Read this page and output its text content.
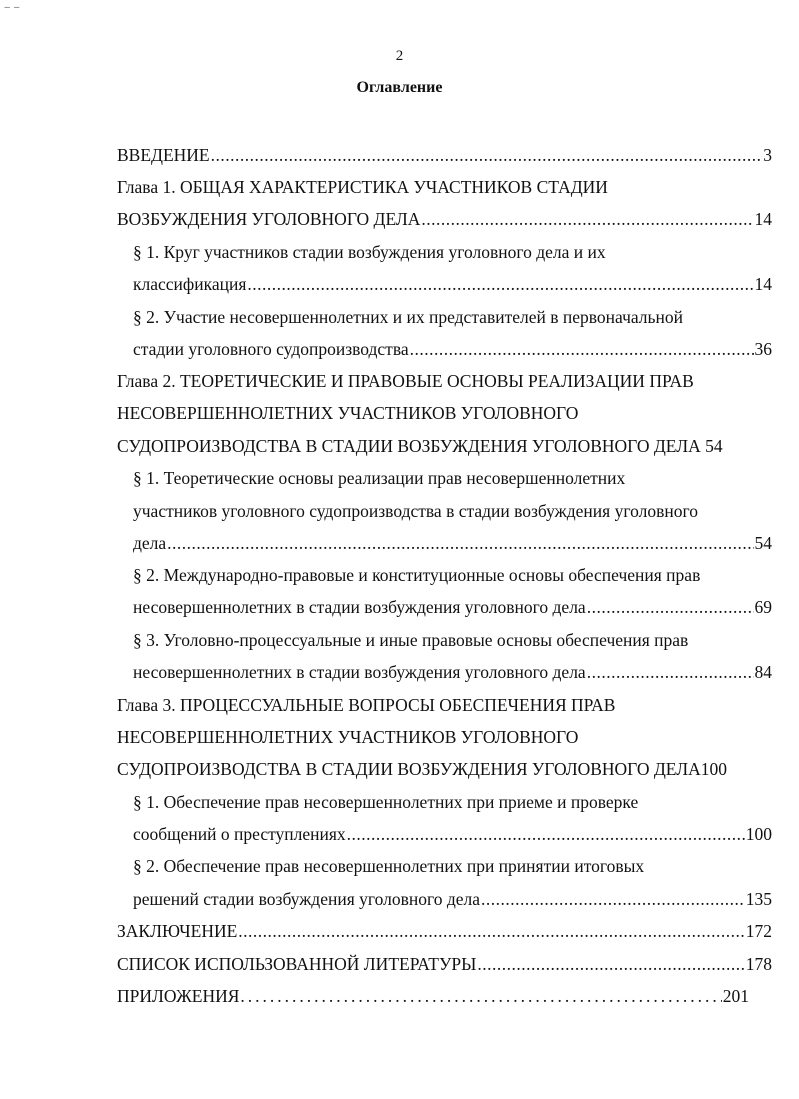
‒ ‒
2
Оглавление
ВВЕДЕНИЕ .....	3
Глава 1. ОБЩАЯ ХАРАКТЕРИСТИКА УЧАСТНИКОВ СТАДИИ
ВОЗБУЖДЕНИЯ УГОЛОВНОГО ДЕЛА .....	14
§ 1. Круг участников стадии возбуждения уголовного дела и их
классификация .....	14
§ 2. Участие несовершеннолетних и их представителей в первоначальной
стадии уголовного судопроизводства .....	36
Глава 2. ТЕОРЕТИЧЕСКИЕ И ПРАВОВЫЕ ОСНОВЫ РЕАЛИЗАЦИИ ПРАВ
НЕСОВЕРШЕННОЛЕТНИХ УЧАСТНИКОВ УГОЛОВНОГО
СУДОПРОИЗВОДСТВА В СТАДИИ ВОЗБУЖДЕНИЯ УГОЛОВНОГО ДЕЛА 54
§ 1. Теоретические основы реализации прав несовершеннолетних
участников уголовного судопроизводства в стадии возбуждения уголовного
дела .....	54
§ 2. Международно-правовые и конституционные основы обеспечения прав
несовершеннолетних в стадии возбуждения уголовного дела .....	69
§ 3. Уголовно-процессуальные и иные правовые основы обеспечения прав
несовершеннолетних в стадии возбуждения уголовного дела .....	84
Глава 3. ПРОЦЕССУАЛЬНЫЕ ВОПРОСЫ ОБЕСПЕЧЕНИЯ ПРАВ
НЕСОВЕРШЕННОЛЕТНИХ УЧАСТНИКОВ УГОЛОВНОГО
СУДОПРОИЗВОДСТВА В СТАДИИ ВОЗБУЖДЕНИЯ УГОЛОВНОГО ДЕЛА100
§ 1. Обеспечение прав несовершеннолетних при приеме и проверке
сообщений о преступлениях .....	100
§ 2. Обеспечение прав несовершеннолетних при принятии итоговых
решений стадии возбуждения уголовного дела .....	135
ЗАКЛЮЧЕНИЕ .....	172
СПИСОК ИСПОЛЬЗОВАННОЙ ЛИТЕРАТУРЫ .....	178
ПРИЛОЖЕНИЯ .....	201
